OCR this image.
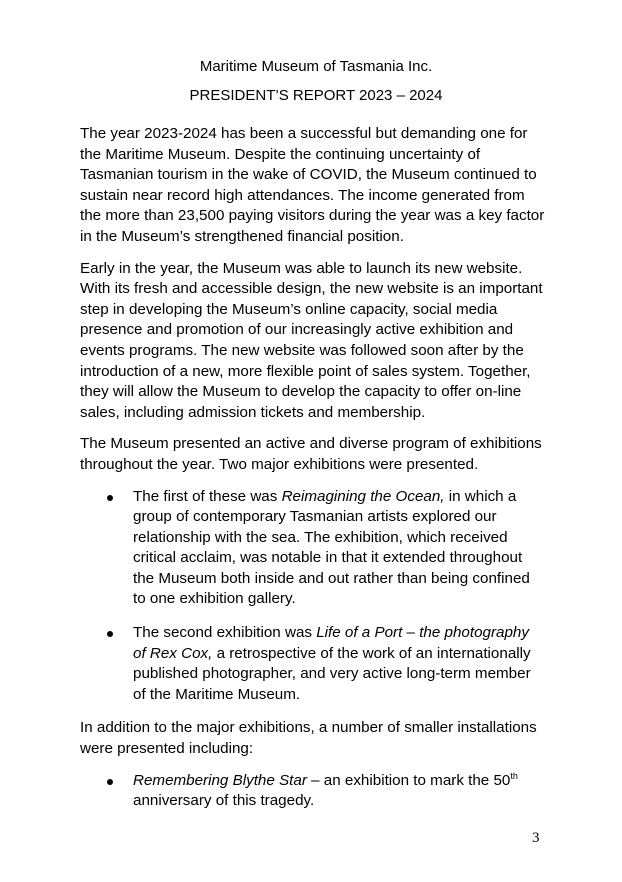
Maritime Museum of Tasmania Inc.
PRESIDENT’S REPORT 2023 – 2024

The year 2023-2024 has been a successful but demanding one for the Maritime Museum. Despite the continuing uncertainty of Tasmanian tourism in the wake of COVID, the Museum continued to sustain near record high attendances. The income generated from the more than 23,500 paying visitors during the year was a key factor in the Museum’s strengthened financial position.

Early in the year, the Museum was able to launch its new website. With its fresh and accessible design, the new website is an important step in developing the Museum’s online capacity, social media presence and promotion of our increasingly active exhibition and events programs. The new website was followed soon after by the introduction of a new, more flexible point of sales system. Together, they will allow the Museum to develop the capacity to offer on-line sales, including admission tickets and membership.

The Museum presented an active and diverse program of exhibitions throughout the year. Two major exhibitions were presented.

The first of these was Reimagining the Ocean, in which a group of contemporary Tasmanian artists explored our relationship with the sea. The exhibition, which received critical acclaim, was notable in that it extended throughout the Museum both inside and out rather than being confined to one exhibition gallery.
The second exhibition was Life of a Port – the photography of Rex Cox, a retrospective of the work of an internationally published photographer, and very active long-term member of the Maritime Museum.

In addition to the major exhibitions, a number of smaller installations were presented including:

Remembering Blythe Star – an exhibition to mark the 50th anniversary of this tragedy.
3
